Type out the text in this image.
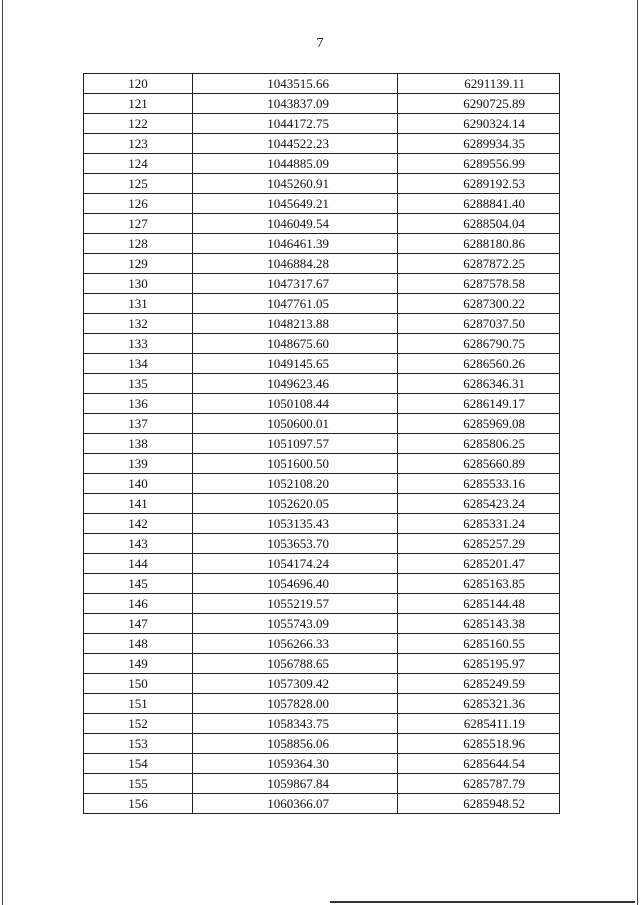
7
120	1043515.66	6291139.11
121	1043837.09	6290725.89
122	1044172.75	6290324.14
123	1044522.23	6289934.35
124	1044885.09	6289556.99
125	1045260.91	6289192.53
126	1045649.21	6288841.40
127	1046049.54	6288504.04
128	1046461.39	6288180.86
129	1046884.28	6287872.25
130	1047317.67	6287578.58
131	1047761.05	6287300.22
132	1048213.88	6287037.50
133	1048675.60	6286790.75
134	1049145.65	6286560.26
135	1049623.46	6286346.31
136	1050108.44	6286149.17
137	1050600.01	6285969.08
138	1051097.57	6285806.25
139	1051600.50	6285660.89
140	1052108.20	6285533.16
141	1052620.05	6285423.24
142	1053135.43	6285331.24
143	1053653.70	6285257.29
144	1054174.24	6285201.47
145	1054696.40	6285163.85
146	1055219.57	6285144.48
147	1055743.09	6285143.38
148	1056266.33	6285160.55
149	1056788.65	6285195.97
150	1057309.42	6285249.59
151	1057828.00	6285321.36
152	1058343.75	6285411.19
153	1058856.06	6285518.96
154	1059364.30	6285644.54
155	1059867.84	6285787.79
156	1060366.07	6285948.52
